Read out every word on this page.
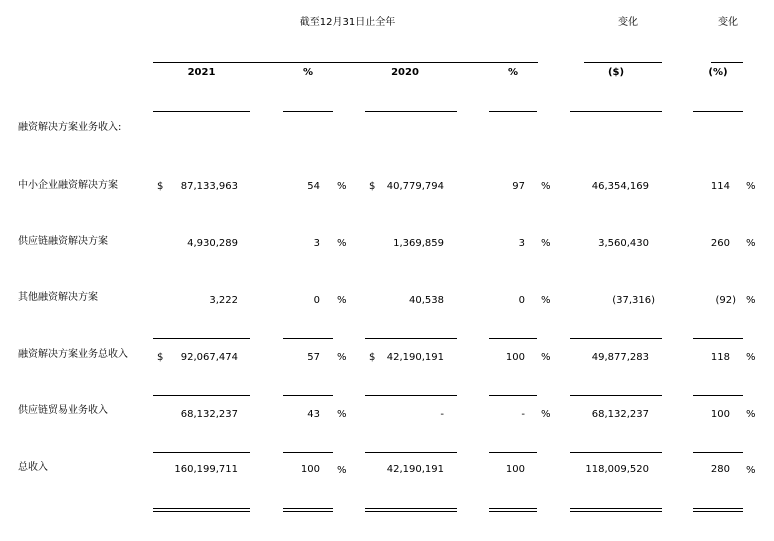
截至12月31日止全年	变化	变化
2021	%	2020	%	($)	(%)
融资解决方案业务收入:
中小企业融资解决方案	$	87,133,963	54 % $	40,779,794	97 %	46,354,169	114 %
供应链融资解决方案	4,930,289	3 %	1,369,859	3 %	3,560,430	260 %
其他融资解决方案	3,222	0 %	40,538	0 %	(37,316)	(92) %
融资解决方案业务总收入	$	92,067,474	57 % $	42,190,191	100 %	49,877,283	118 %
供应链贸易业务收入	68,132,237	43 %	-	- %	68,132,237	100 %
总收入	160,199,711	100 %	42,190,191	100	118,009,520	280 %
